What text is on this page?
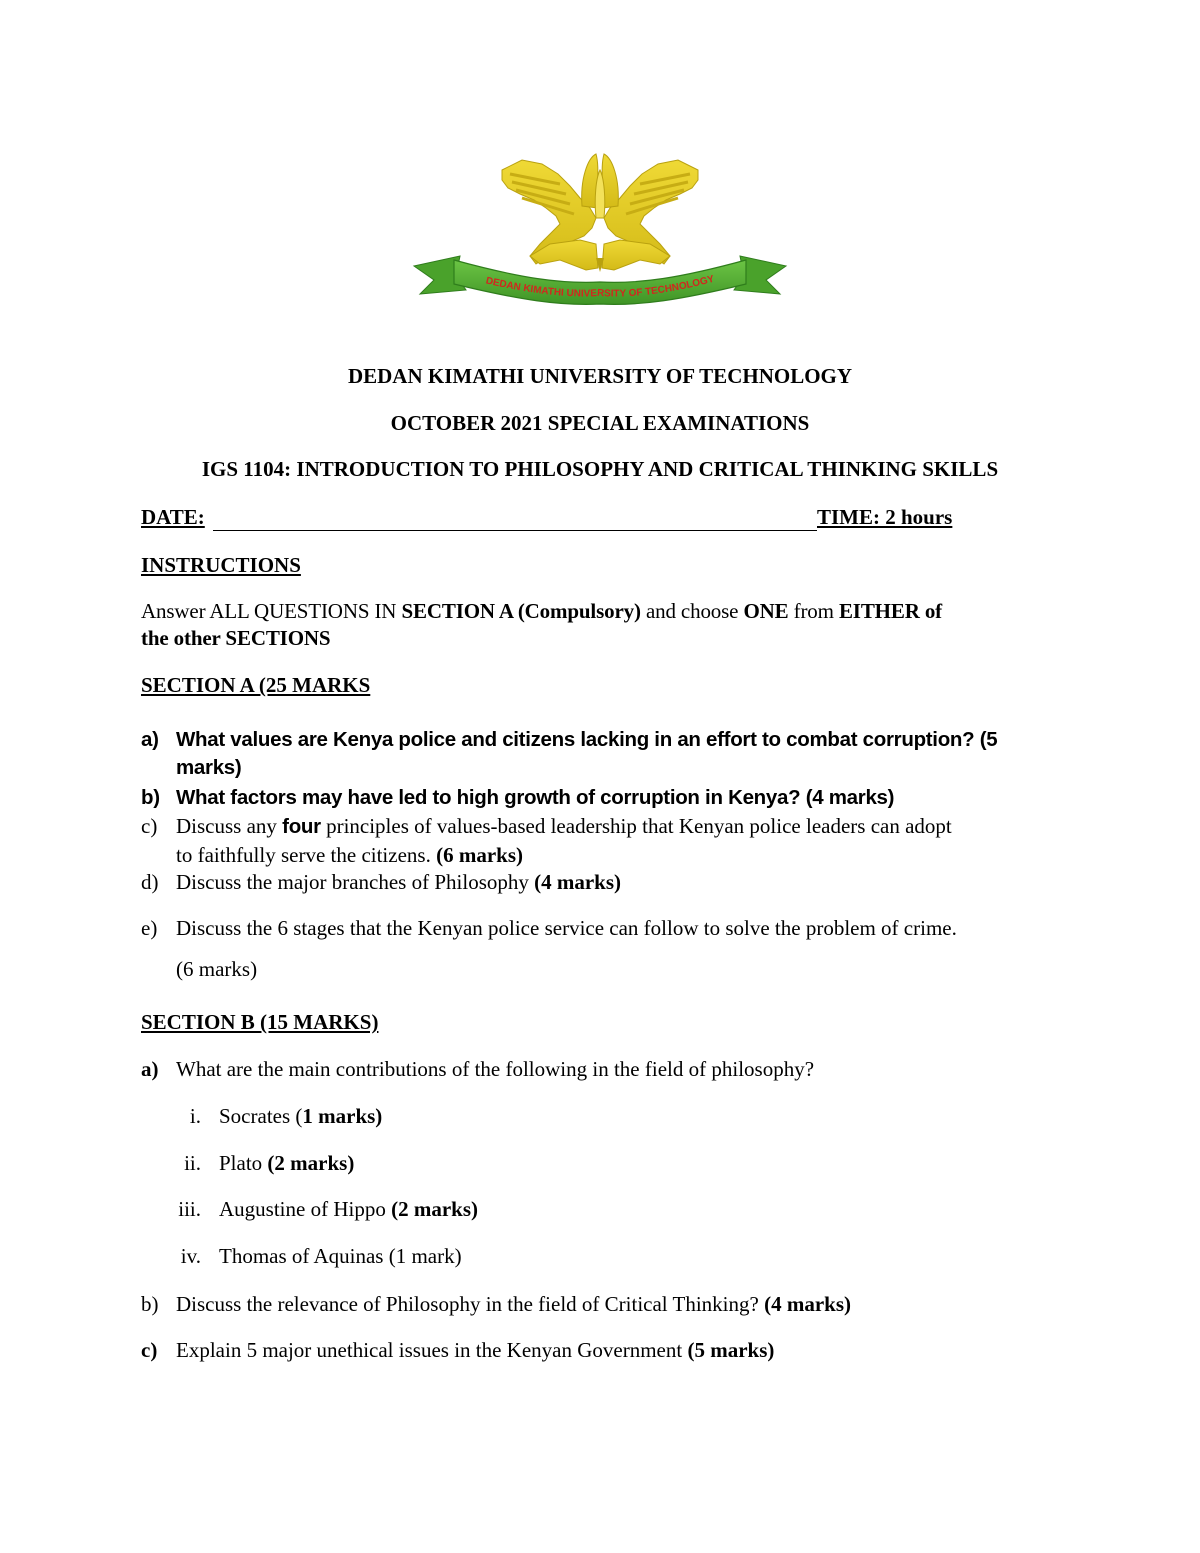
DEDAN KIMATHI UNIVERSITY OF TECHNOLOGY
DEDAN KIMATHI UNIVERSITY OF TECHNOLOGY
OCTOBER 2021 SPECIAL EXAMINATIONS
IGS 1104: INTRODUCTION TO PHILOSOPHY AND CRITICAL THINKING SKILLS
DATE:	TIME: 2 hours
INSTRUCTIONS
Answer ALL QUESTIONS IN SECTION A (Compulsory) and choose ONE from EITHER of
the other SECTIONS
SECTION A (25 MARKS
a) What values are Kenya police and citizens lacking in an effort to combat corruption? (5
marks)
b) What factors may have led to high growth of corruption in Kenya? (4 marks)
c) Discuss any four principles of values-based leadership that Kenyan police leaders can adopt
to faithfully serve the citizens. (6 marks)
d) Discuss the major branches of Philosophy (4 marks)
e) Discuss the 6 stages that the Kenyan police service can follow to solve the problem of crime.
(6 marks)
SECTION B (15 MARKS)
a) What are the main contributions of the following in the field of philosophy?
i. Socrates (1 marks)
ii. Plato (2 marks)
iii. Augustine of Hippo (2 marks)
iv. Thomas of Aquinas (1 mark)
b) Discuss the relevance of Philosophy in the field of Critical Thinking? (4 marks)
c) Explain 5 major unethical issues in the Kenyan Government (5 marks)
